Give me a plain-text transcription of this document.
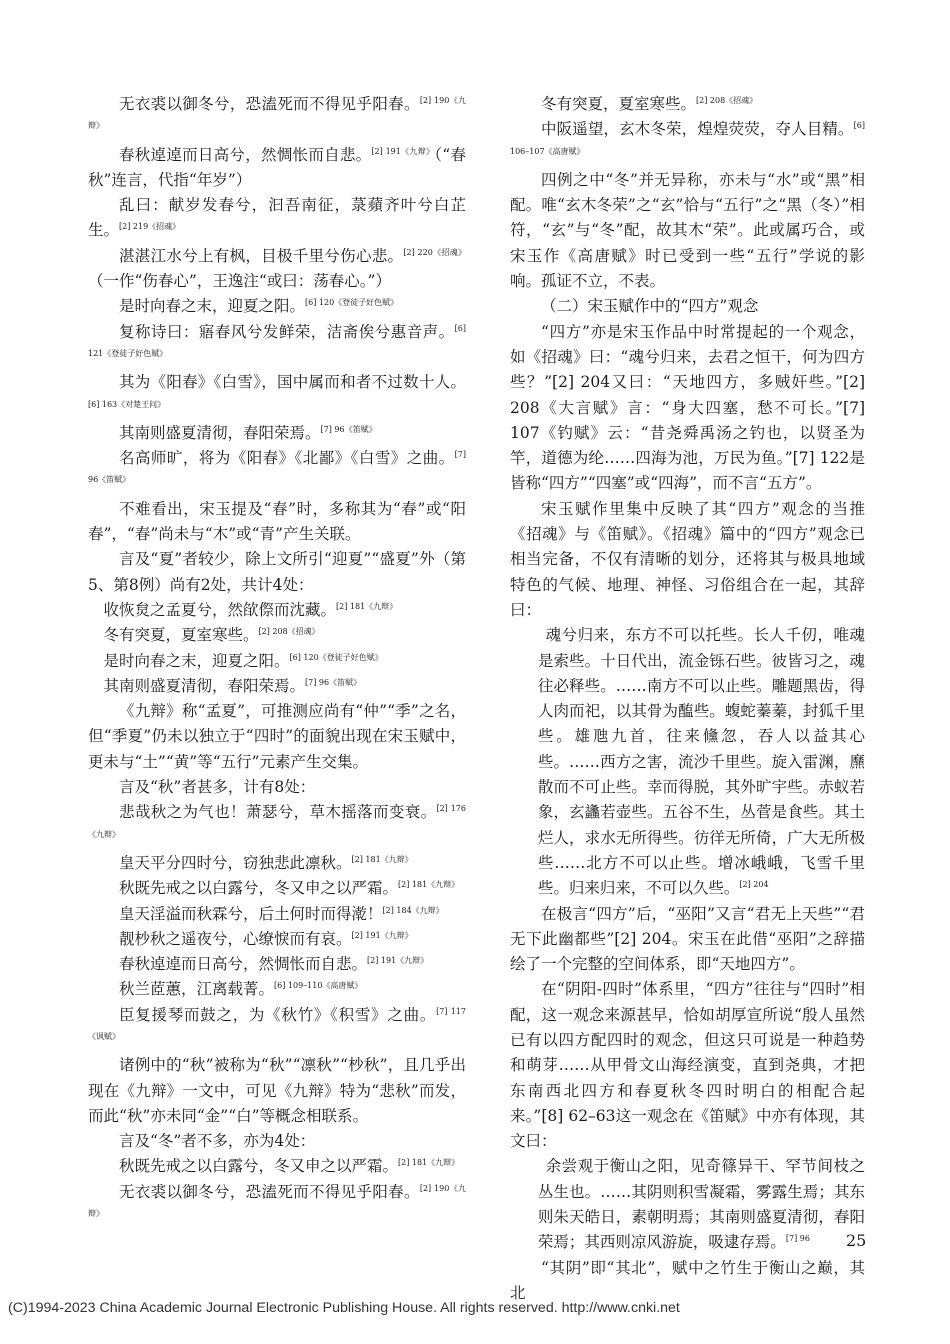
无衣裘以御冬兮，恐溘死而不得见乎阳春。$^{[2] 190《九辩》}$
春秋逴逴而日高兮，然惆怅而自悲。$^{[2] 191《九辩》}$（“春秋”连言，代指“年岁”）
乱曰：献岁发春兮，汩吾南征，菉蘋齐叶兮白芷生。$^{[2] 219《招魂》}$
湛湛江水兮上有枫，目极千里兮伤心悲。$^{[2] 220《招魂》}$（一作“伤春心”，王逸注“或曰：荡春心。”）
是时向春之末，迎夏之阳。$^{[6] 120《登徒子好色赋》}$
复称诗曰：寤春风兮发鲜荣，洁斋俟兮惠音声。$^{[6] 121《登徒子好色赋》}$
其为《阳春》《白雪》，国中属而和者不过数十人。$^{[6] 163《对楚王问》}$
其南则盛夏清彻，春阳荣焉。$^{[7] 96《笛赋》}$
名高师旷，将为《阳春》《北鄙》《白雪》之曲。$^{[7] 96《笛赋》}$
不难看出，宋玉提及“春”时，多称其为“春”或“阳春”，“春”尚未与“木”或“青”产生关联。
言及“夏”者较少，除上文所引“迎夏”“盛夏”外（第5、第8例）尚有2处，共计4处：
收恢炱之孟夏兮，然欿傺而沈藏。$^{[2] 181《九辩》}$
冬有突夏，夏室寒些。$^{[2] 208《招魂》}$
是时向春之末，迎夏之阳。$^{[6] 120《登徒子好色赋》}$
其南则盛夏清彻，春阳荣焉。$^{[7] 96《笛赋》}$
《九辩》称“孟夏”，可推测应尚有“仲”“季”之名，但“季夏”仍未以独立于“四时”的面貌出现在宋玉赋中，更未与“土”“黄”等“五行”元素产生交集。
言及“秋”者甚多，计有8处：
悲哉秋之为气也！萧瑟兮，草木摇落而变衰。$^{[2] 176《九辩》}$
皇天平分四时兮，窃独悲此凛秋。$^{[2] 181《九辩》}$
秋既先戒之以白露兮，冬又申之以严霜。$^{[2] 181《九辩》}$
皇天淫溢而秋霖兮，后土何时而得漧！$^{[2] 184《九辩》}$
靓杪秋之遥夜兮，心缭悷而有哀。$^{[2] 191《九辩》}$
春秋逴逴而日高兮，然惆怅而自悲。$^{[2] 191《九辩》}$
秋兰茝蕙，江离载菁。$^{[6] 109-110《高唐赋》}$
臣复援琴而鼓之，为《秋竹》《积雪》之曲。$^{[7] 117《讽赋》}$
诸例中的“秋”被称为“秋”“凛秋”“杪秋”，且几乎出现在《九辩》一文中，可见《九辩》特为“悲秋”而发，而此“秋”亦未同“金”“白”等概念相联系。
言及“冬”者不多，亦为4处：
秋既先戒之以白露兮，冬又申之以严霜。$^{[2] 181《九辩》}$
无衣裘以御冬兮，恐溘死而不得见乎阳春。$^{[2] 190《九辩》}$
冬有突夏，夏室寒些。$^{[2] 208《招魂》}$
中阪遥望，玄木冬荣，煌煌荧荧，夺人目精。$^{[6] 106-107《高唐赋》}$
四例之中“冬”并无异称，亦未与“水”或“黑”相配。唯“玄木冬荣”之“玄”恰与“五行”之“黑（冬）”相符，“玄”与“冬”配，故其木“荣”。此或属巧合，或宋玉作《高唐赋》时已受到一些“五行”学说的影响。孤证不立，不表。
（二）宋玉赋作中的“四方”观念
“四方”亦是宋玉作品中时常提起的一个观念，如《招魂》曰：“魂兮归来，去君之恒干，何为四方些？”[2] 204又曰：“天地四方，多贼奸些。”[2] 208《大言赋》言：“身大四塞，愁不可长。”[7] 107《钓赋》云：“昔尧舜禹汤之钓也，以贤圣为竿，道德为纶……四海为池，万民为鱼。”[7] 122是皆称“四方”“四塞”或“四海”，而不言“五方”。
宋玉赋作里集中反映了其“四方”观念的当推《招魂》与《笛赋》。《招魂》篇中的“四方”观念已相当完备，不仅有清晰的划分，还将其与极具地域特色的气候、地理、神怪、习俗组合在一起，其辞曰：
魂兮归来，东方不可以托些。长人千仞，唯魂是索些。十日代出，流金铄石些。彼皆习之，魂往必释些。……南方不可以止些。雕题黑齿，得人肉而祀，以其骨为醢些。蝮蛇蓁蓁，封狐千里些。雄虺九首，往来儵忽，吞人以益其心些。……西方之害，流沙千里些。旋入雷渊，爢散而不可止些。幸而得脱，其外旷宇些。赤蚁若象，玄蠭若壶些。五谷不生，丛菅是食些。其土烂人，求水无所得些。彷徉无所倚，广大无所极些……北方不可以止些。增冰峨峨，飞雪千里些。归来归来，不可以久些。$^{[2] 204}$
在极言“四方”后，“巫阳”又言“君无上天些”“君无下此幽都些”[2] 204。宋玉在此借“巫阳”之辞描绘了一个完整的空间体系，即“天地四方”。
在“阴阳-四时”体系里，“四方”往往与“四时”相配，这一观念来源甚早，恰如胡厚宣所说“殷人虽然已有以四方配四时的观念，但这只可说是一种趋势和萌芽……从甲骨文山海经演变，直到尧典，才把东南西北四方和春夏秋冬四时明白的相配合起来。”[8] 62–63这一观念在《笛赋》中亦有体现，其文曰：
余尝观于衡山之阳，见奇篠异干、罕节间枝之丛生也。……其阴则积雪凝霜，雾露生焉；其东则朱天皓日，素朝明焉；其南则盛夏清彻，春阳荣焉；其西则凉风游旋，吸逮存焉。$^{[7] 96}$
“其阴”即“其北”，赋中之竹生于衡山之巅，其北
25
(C)1994-2023 China Academic Journal Electronic Publishing House. All rights reserved. http://www.cnki.net
